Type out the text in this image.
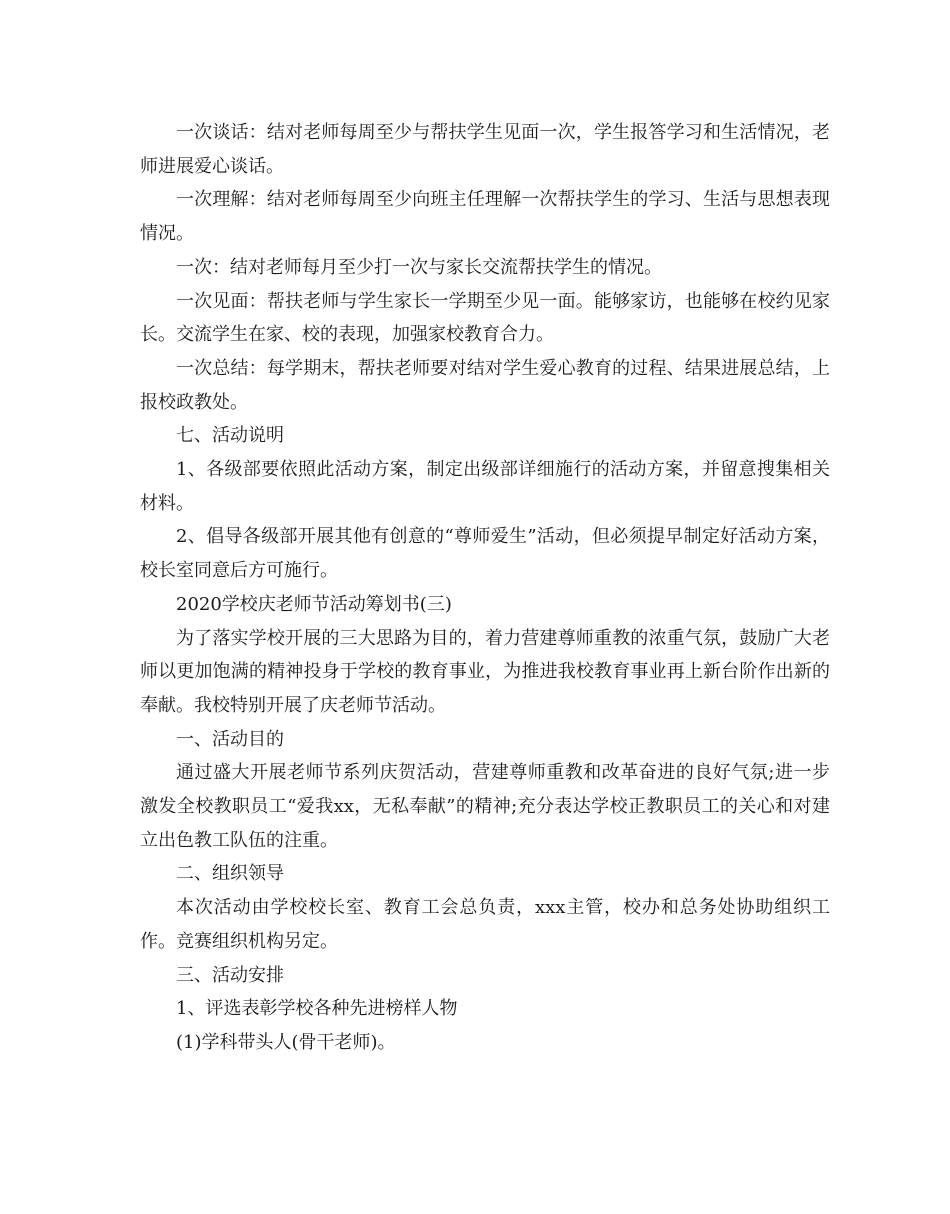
一次谈话：结对老师每周至少与帮扶学生见面一次，学生报答学习和生活情况，老师进展爱心谈话。

一次理解：结对老师每周至少向班主任理解一次帮扶学生的学习、生活与思想表现情况。

一次：结对老师每月至少打一次与家长交流帮扶学生的情况。

一次见面：帮扶老师与学生家长一学期至少见一面。能够家访，也能够在校约见家长。交流学生在家、校的表现，加强家校教育合力。

一次总结：每学期末，帮扶老师要对结对学生爱心教育的过程、结果进展总结，上报校政教处。

七、活动说明

1、各级部要依照此活动方案，制定出级部详细施行的活动方案，并留意搜集相关材料。

2、倡导各级部开展其他有创意的“尊师爱生”活动，但必须提早制定好活动方案，校长室同意后方可施行。

2020学校庆老师节活动筹划书(三)

为了落实学校开展的三大思路为目的，着力营建尊师重教的浓重气氛，鼓励广大老师以更加饱满的精神投身于学校的教育事业，为推进我校教育事业再上新台阶作出新的奉献。我校特别开展了庆老师节活动。

一、活动目的

通过盛大开展老师节系列庆贺活动，营建尊师重教和改革奋进的良好气氛;进一步激发全校教职员工“爱我xx，无私奉献”的精神;充分表达学校正教职员工的关心和对建立出色教工队伍的注重。

二、组织领导

本次活动由学校校长室、教育工会总负责，xxx主管，校办和总务处协助组织工作。竞赛组织机构另定。

三、活动安排

1、评选表彰学校各种先进榜样人物

(1)学科带头人(骨干老师)。
